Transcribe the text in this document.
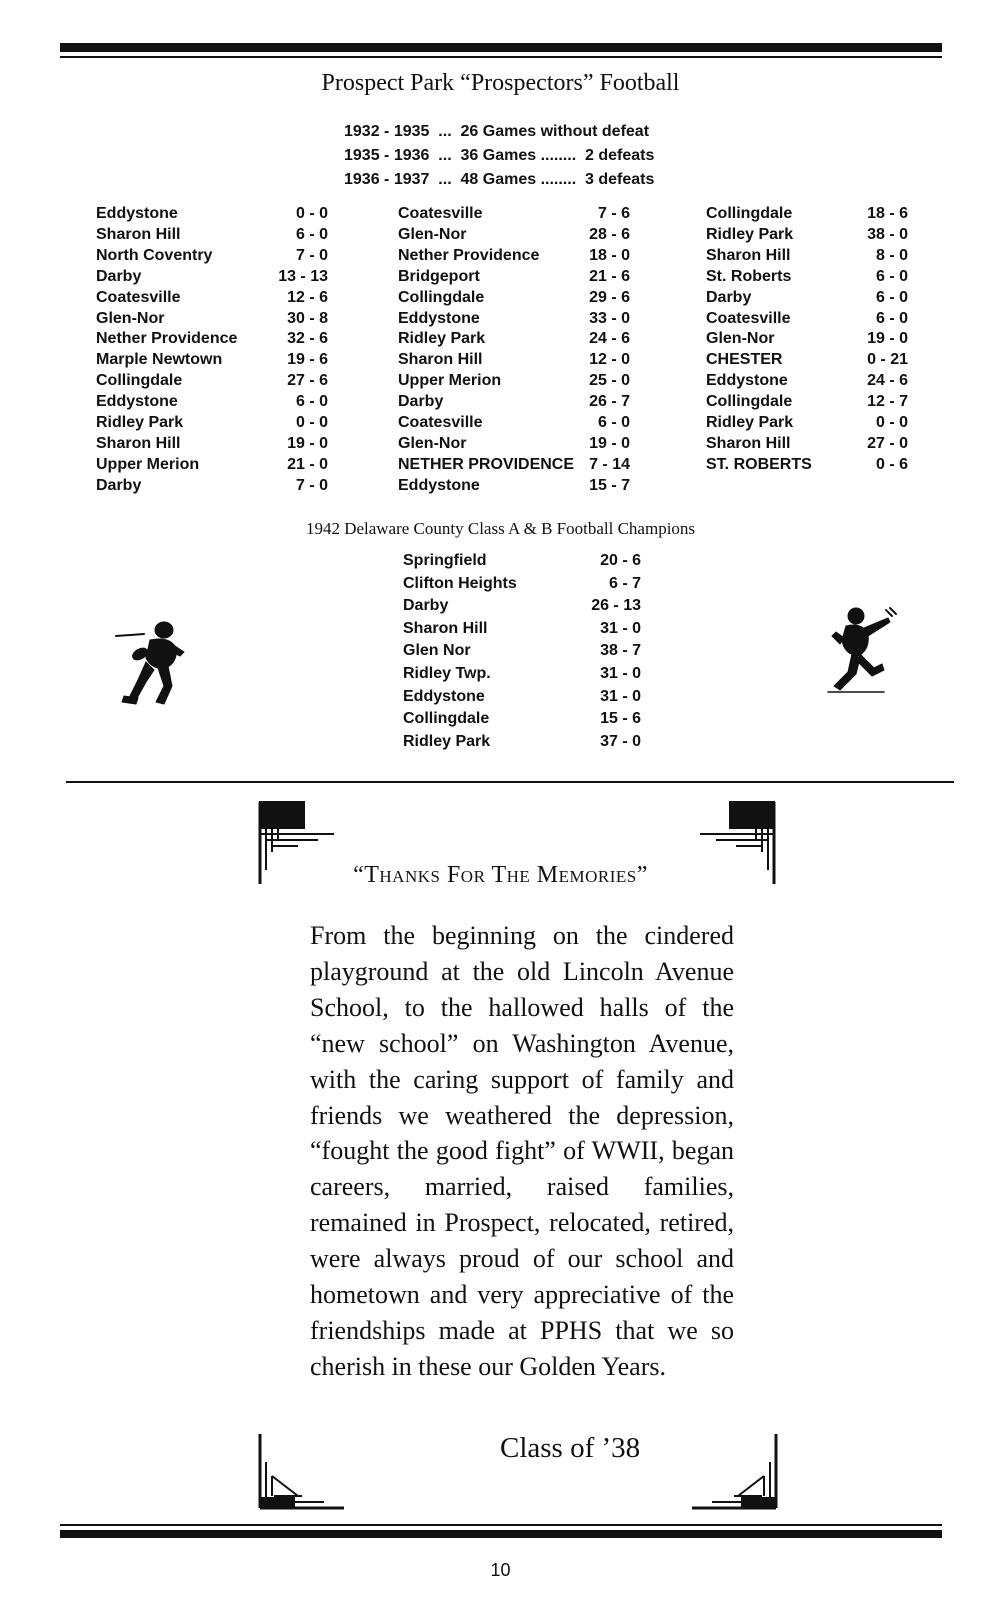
Prospect Park “Prospectors” Football
1932 - 1935  ...  26 Games without defeat
1935 - 1936  ...  36 Games ........  2 defeats
1936 - 1937  ...  48 Games ........  3 defeats
Eddystone	0 - 0
Sharon Hill	6 - 0
North Coventry	7 - 0
Darby	13 - 13
Coatesville	12 - 6
Glen-Nor	30 - 8
Nether Providence	32 - 6
Marple Newtown	19 - 6
Collingdale	27 - 6
Eddystone	6 - 0
Ridley Park	0 - 0
Sharon Hill	19 - 0
Upper Merion	21 - 0
Darby	7 - 0
Coatesville	7 - 6
Glen-Nor	28 - 6
Nether Providence	18 - 0
Bridgeport	21 - 6
Collingdale	29 - 6
Eddystone	33 - 0
Ridley Park	24 - 6
Sharon Hill	12 - 0
Upper Merion	25 - 0
Darby	26 - 7
Coatesville	6 - 0
Glen-Nor	19 - 0
NETHER PROVIDENCE 7 - 14
Eddystone	15 - 7
Collingdale	18 - 6
Ridley Park	38 - 0
Sharon Hill	8 - 0
St. Roberts	6 - 0
Darby	6 - 0
Coatesville	6 - 0
Glen-Nor	19 - 0
CHESTER	0 - 21
Eddystone	24 - 6
Collingdale	12 - 7
Ridley Park	0 - 0
Sharon Hill	27 - 0
ST. ROBERTS	0 - 6
1942 Delaware County Class A & B Football Champions
Springfield	20 - 6
Clifton Heights	6 - 7
Darby	26 - 13
Sharon Hill	31 - 0
Glen Nor	38 - 7
Ridley Twp.	31 - 0
Eddystone	31 - 0
Collingdale	15 - 6
Ridley Park	37 - 0
“Thanks For The Memories”
From the beginning on the cindered playground at the old Lincoln Avenue School, to the hallowed halls of the “new school” on Washington Avenue, with the caring support of family and friends we weathered the depression, “fought the good fight” of WWII, began careers, married, raised families, remained in Prospect, relocated, retired, were always proud of our school and hometown and very appreciative of the friendships made at PPHS that we so cherish in these our Golden Years.
Class of ’38
10
